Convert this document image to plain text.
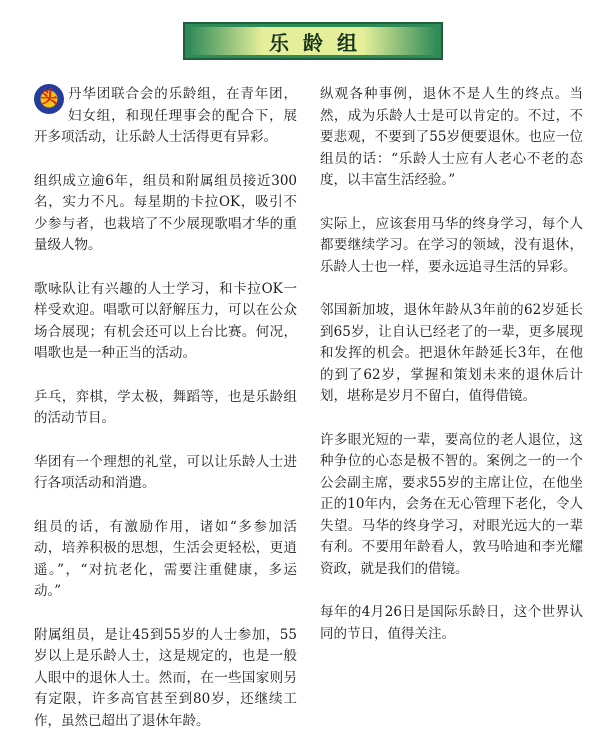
乐龄组

头 丹华团联合会的乐龄组，在青年团，妇女组，和现任理事会的配合下，展开多项活动，让乐龄人士活得更有异彩。

组织成立逾6年，组员和附属组员接近300名，实力不凡。每星期的卡拉OK，吸引不少参与者，也栽培了不少展现歌唱才华的重量级人物。

歌咏队让有兴趣的人士学习，和卡拉OK一样受欢迎。唱歌可以舒解压力，可以在公众场合展现；有机会还可以上台比赛。何况，唱歌也是一种正当的活动。

乒乓，弈棋，学太极，舞蹈等，也是乐龄组的活动节目。

华团有一个理想的礼堂，可以让乐龄人士进行各项活动和消遣。

组员的话，有激励作用，诸如“多参加活动，培养积极的思想，生活会更轻松，更逍遥。”，“对抗老化，需要注重健康，多运动。”

附属组员，是让45到55岁的人士参加，55岁以上是乐龄人士，这是规定的，也是一般人眼中的退休人士。然而，在一些国家则另有定限，许多高官甚至到80岁，还继续工作，虽然已超出了退休年龄。

纵观各种事例，退休不是人生的终点。当然，成为乐龄人士是可以肯定的。不过，不要悲观，不要到了55岁便要退休。也应一位组员的话：“乐龄人士应有人老心不老的态度，以丰富生活经验。”

实际上，应该套用马华的终身学习，每个人都要继续学习。在学习的领域，没有退休，乐龄人士也一样，要永远追寻生活的异彩。

邻国新加坡，退休年龄从3年前的62岁延长到65岁，让自认已经老了的一辈，更多展现和发挥的机会。把退休年龄延长3年，在他的到了62岁，掌握和策划未来的退休后计划，堪称是岁月不留白，值得借镜。

许多眼光短的一辈，要高位的老人退位，这种争位的心态是极不智的。案例之一的一个公会副主席，要求55岁的主席让位，在他坐正的10年内，会务在无心管理下老化，令人失望。马华的终身学习，对眼光远大的一辈有利。不要用年龄看人，敦马哈迪和李光耀资政，就是我们的借镜。

每年的4月26日是国际乐龄日，这个世界认同的节日，值得关注。
